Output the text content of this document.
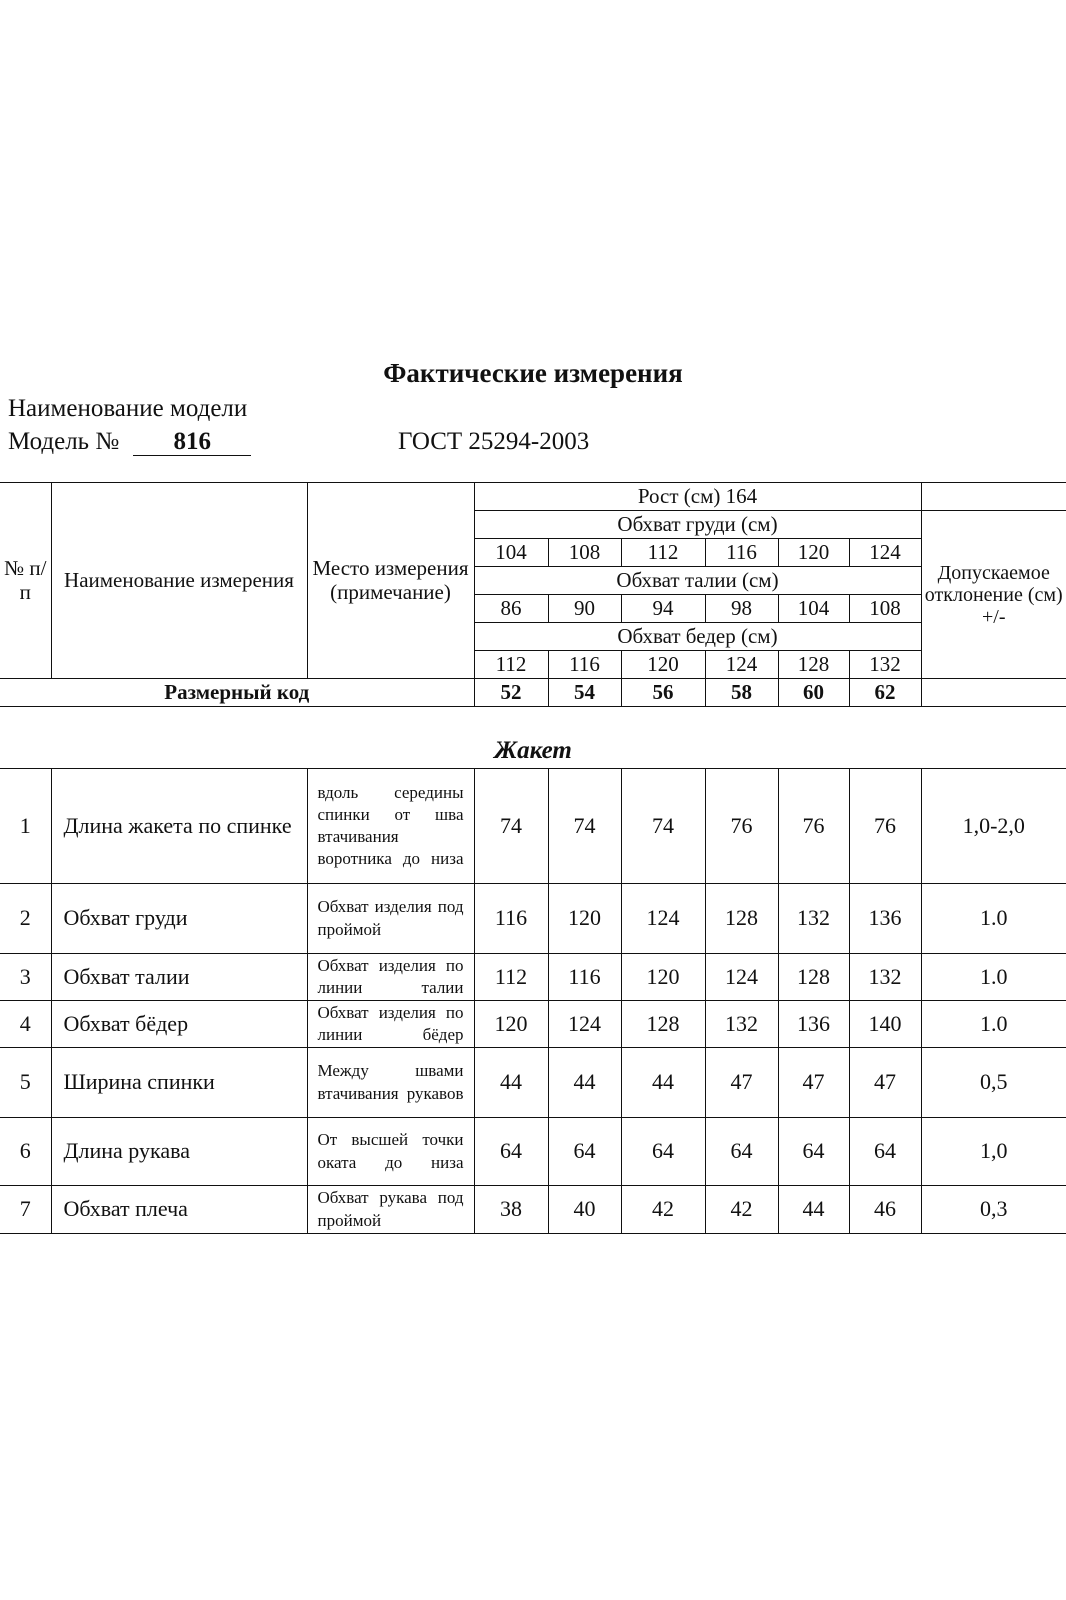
Фактические измерения
Наименование модели
Модель № 816	ГОСТ 25294-2003
№ п/п	Наименование измерения	Место измерения (примечание)	Рост (см) 164						
			Обхват груди (см)						Допускаемое отклонение (см) +/-
			104	108	112	116	120	124	
			Обхват талии (см)						
			86	90	94	98	104	108	
			Обхват бедер (см)						
			112	116	120	124	128	132	
Размерный код			52	54	56	58	60	62	
Жакет
1	Длина жакета по спинке	вдоль середины спинки от шва втачивания воротника до низа	74	74	74	76	76	76	1,0-2,0
2	Обхват груди	Обхват изделия под проймой	116	120	124	128	132	136	1.0
3	Обхват талии	Обхват изделия по линии талии	112	116	120	124	128	132	1.0
4	Обхват бёдер	Обхват изделия по линии бёдер	120	124	128	132	136	140	1.0
5	Ширина спинки	Между швами втачивания рукавов	44	44	44	47	47	47	0,5
6	Длина рукава	От высшей точки оката до низа	64	64	64	64	64	64	1,0
7	Обхват плеча	Обхват рукава под проймой	38	40	42	42	44	46	0,3
